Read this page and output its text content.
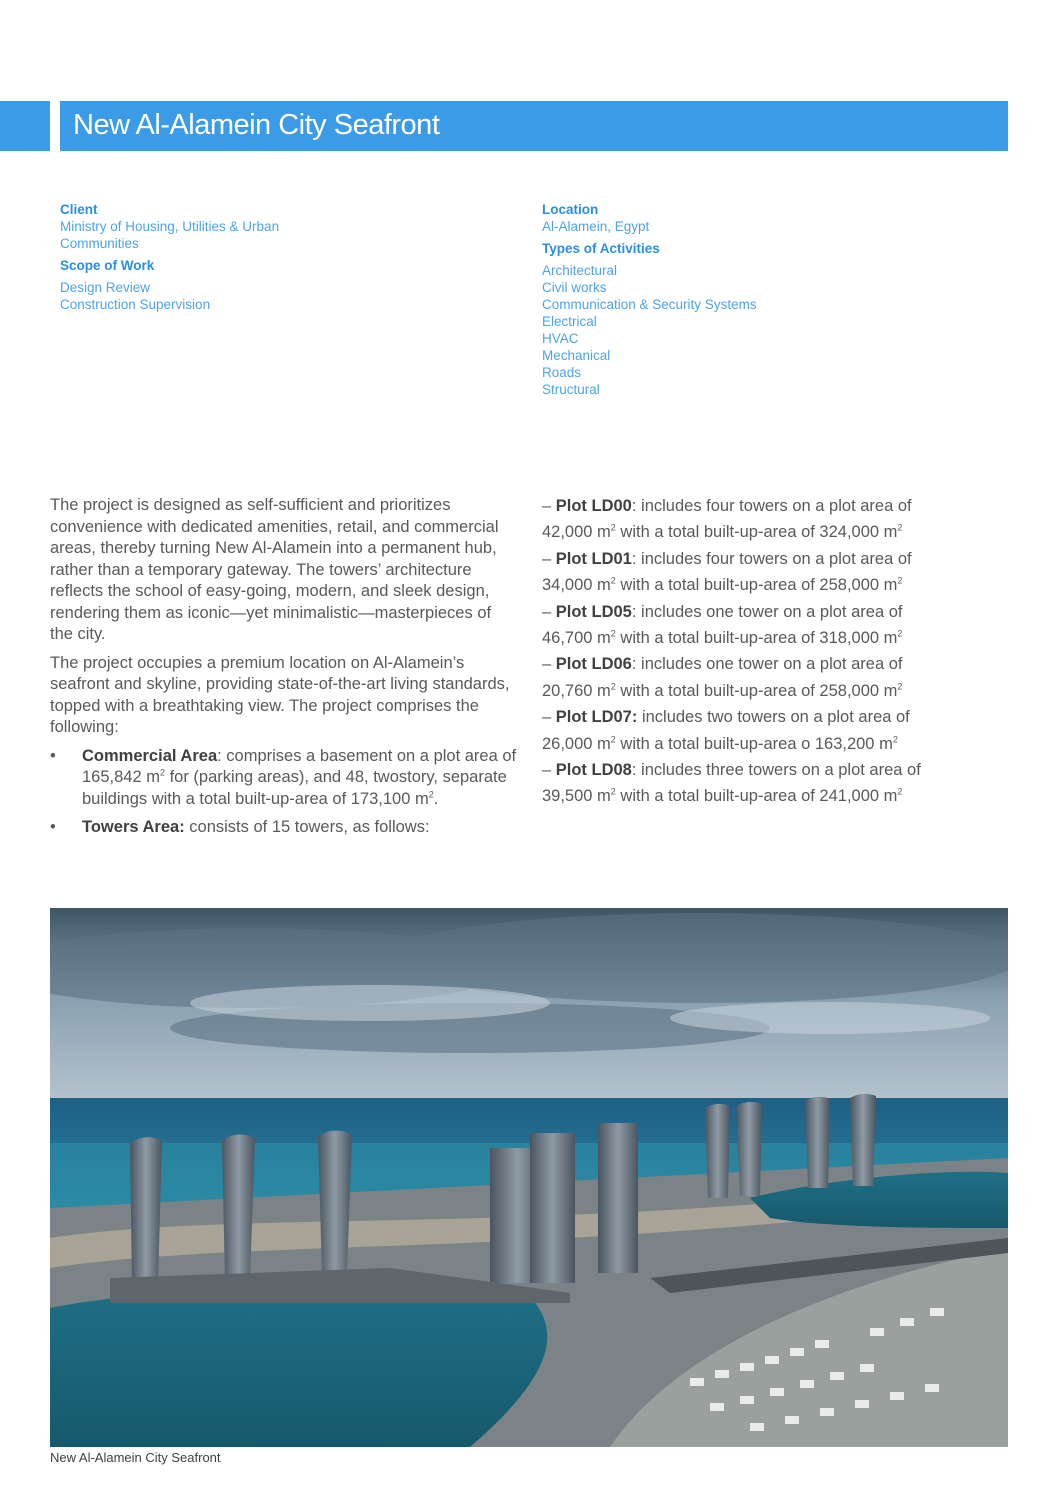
New Al-Alamein City Seafront
Client
Ministry of Housing, Utilities & Urban
Communities
Scope of Work
Design Review
Construction Supervision
Location
Al-Alamein, Egypt
Types of Activities
Architectural
Civil works
Communication & Security Systems
Electrical
HVAC
Mechanical
Roads
Structural

The project is designed as self-sufficient and prioritizes convenience with dedicated amenities, retail, and commercial areas, thereby turning New Al-Alamein into a permanent hub, rather than a temporary gateway. The towers’ architecture reflects the school of easy-going, modern, and sleek design, rendering them as iconic—yet minimalistic—masterpieces of the city.

The project occupies a premium location on Al-Alamein’s seafront and skyline, providing state-of-the-art living standards, topped with a breathtaking view. The project comprises the following:

• Commercial Area: comprises a basement on a plot area of 165,842 $m^2$ for (parking areas), and 48, twostory, separate buildings with a total built-up-area of 173,100 $m^2$.
• Towers Area: consists of 15 towers, as follows:
– Plot LD00: includes four towers on a plot area of
42,000 $m^2$ with a total built-up-area of 324,000 $m^2$
– Plot LD01: includes four towers on a plot area of
34,000 $m^2$ with a total built-up-area of 258,000 $m^2$
– Plot LD05: includes one tower on a plot area of
46,700 $m^2$ with a total built-up-area of 318,000 $m^2$
– Plot LD06: includes one tower on a plot area of
20,760 $m^2$ with a total built-up-area of 258,000 $m^2$
– Plot LD07: includes two towers on a plot area of
26,000 $m^2$ with a total built-up-area o 163,200 $m^2$
– Plot LD08: includes three towers on a plot area of
39,500 $m^2$ with a total built-up-area of 241,000 $m^2$
New Al-Alamein City Seafront
